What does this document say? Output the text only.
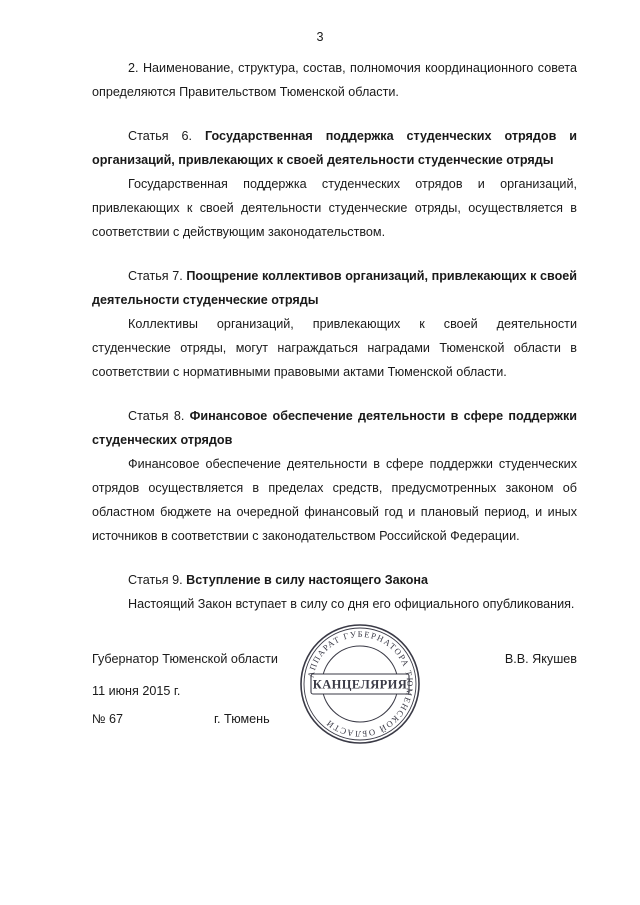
3

2. Наименование, структура, состав, полномочия координационного совета определяются Правительством Тюменской области.

Статья 6. Государственная поддержка студенческих отрядов и организаций, привлекающих к своей деятельности студенческие отряды

Государственная поддержка студенческих отрядов и организаций, привлекающих к своей деятельности студенческие отряды, осуществляется в соответствии с действующим законодательством.

Статья 7. Поощрение коллективов организаций, привлекающих к своей деятельности студенческие отряды

Коллективы организаций, привлекающих к своей деятельности студенческие отряды, могут награждаться наградами Тюменской области в соответствии с нормативными правовыми актами Тюменской области.

Статья 8. Финансовое обеспечение деятельности в сфере поддержки студенческих отрядов

Финансовое обеспечение деятельности в сфере поддержки студенческих отрядов осуществляется в пределах средств, предусмотренных законом об областном бюджете на очередной финансовый год и плановый период, и иных источников в соответствии с законодательством Российской Федерации.

Статья 9. Вступление в силу настоящего Закона

Настоящий Закон вступает в силу со дня его официального опубликования.

Губернатор Тюменской области	В.В. Якушев
11 июня 2015 г.
№ 67	г. Тюмень
АППАРАТ ГУБЕРНАТОРА ТЮМЕНСКОЙ ОБЛАСТИ
КАНЦЕЛЯРИЯ
